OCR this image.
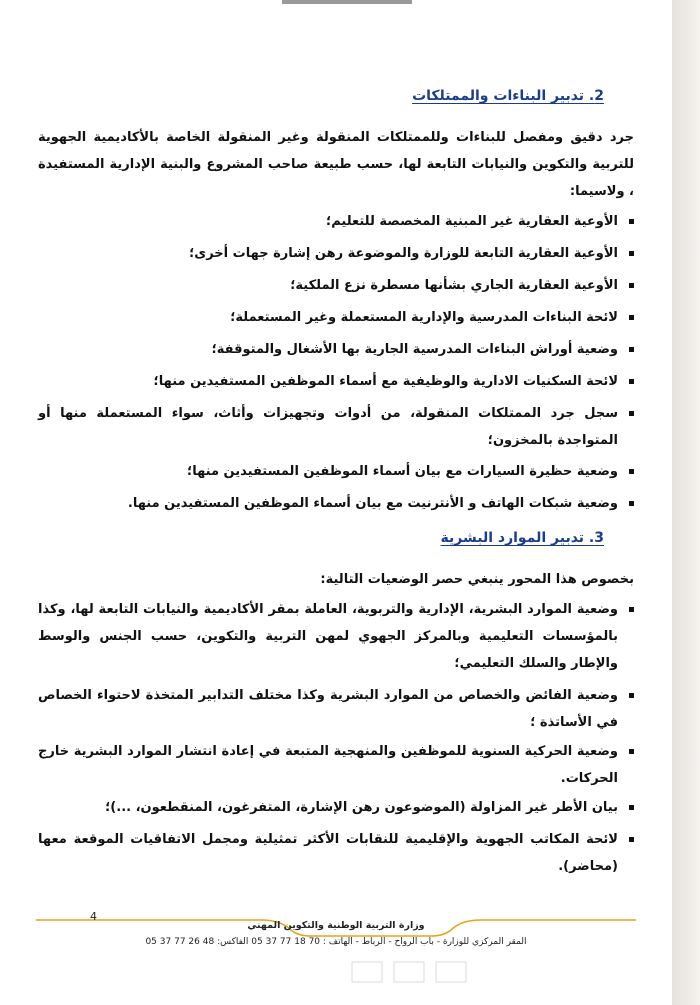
2. تدبير البناءات والممتلكات
جرد دقيق ومفصل للبناءات وللممتلكات المنقولة وغير المنقولة الخاصة بالأكاديمية الجهوية للتربية والتكوين والنيابات التابعة لها، حسب طبيعة صاحب المشروع والبنية الإدارية المستفيدة ، ولاسيما:
الأوعية العقارية غير المبنية المخصصة للتعليم؛
الأوعية العقارية التابعة للوزارة والموضوعة رهن إشارة جهات أخرى؛
الأوعية العقارية الجاري بشأنها مسطرة نزع الملكية؛
لائحة البناءات المدرسية والإدارية المستعملة وغير المستعملة؛
وضعية أوراش البناءات المدرسية الجارية بها الأشغال والمتوقفة؛
لائحة السكنيات الادارية والوظيفية مع أسماء الموظفين المستفيدين منها؛
سجل جرد الممتلكات المنقولة، من أدوات وتجهيزات وأثاث، سواء المستعملة منها أو المتواجدة بالمخزون؛
وضعية حظيرة السيارات مع بيان أسماء الموظفين المستفيدين منها؛
وضعية شبكات الهاتف و الأنترنيت مع بيان أسماء الموظفين المستفيدين منها.
3. تدبير الموارد البشرية
بخصوص هذا المحور ينبغي حصر الوضعيات التالية:
وضعية الموارد البشرية، الإدارية والتربوية، العاملة بمقر الأكاديمية والنيابات التابعة لها، وكذا بالمؤسسات التعليمية وبالمركز الجهوي لمهن التربية والتكوين، حسب الجنس والوسط والإطار والسلك التعليمي؛
وضعية الفائض والخصاص من الموارد البشرية وكذا مختلف التدابير المتخذة لاحتواء الخصاص في الأساتذة ؛
وضعية الحركية السنوية للموظفين والمنهجية المتبعة في إعادة انتشار الموارد البشرية خارج الحركات.
بيان الأطر غير المزاولة (الموضوعون رهن الإشارة، المتفرغون، المنقطعون، ...)؛
لائحة المكاتب الجهوية والإقليمية للنقابات الأكثر تمثيلية ومجمل الاتفاقيات الموقعة معها (محاضر).
4
وزارة التربية الوطنية والتكوين المهني
المقر المركزي للوزارة - باب الرواح - الرباط - الهاتف : 70 18 77 37 05 الفاكس: 48 26 77 37 05
